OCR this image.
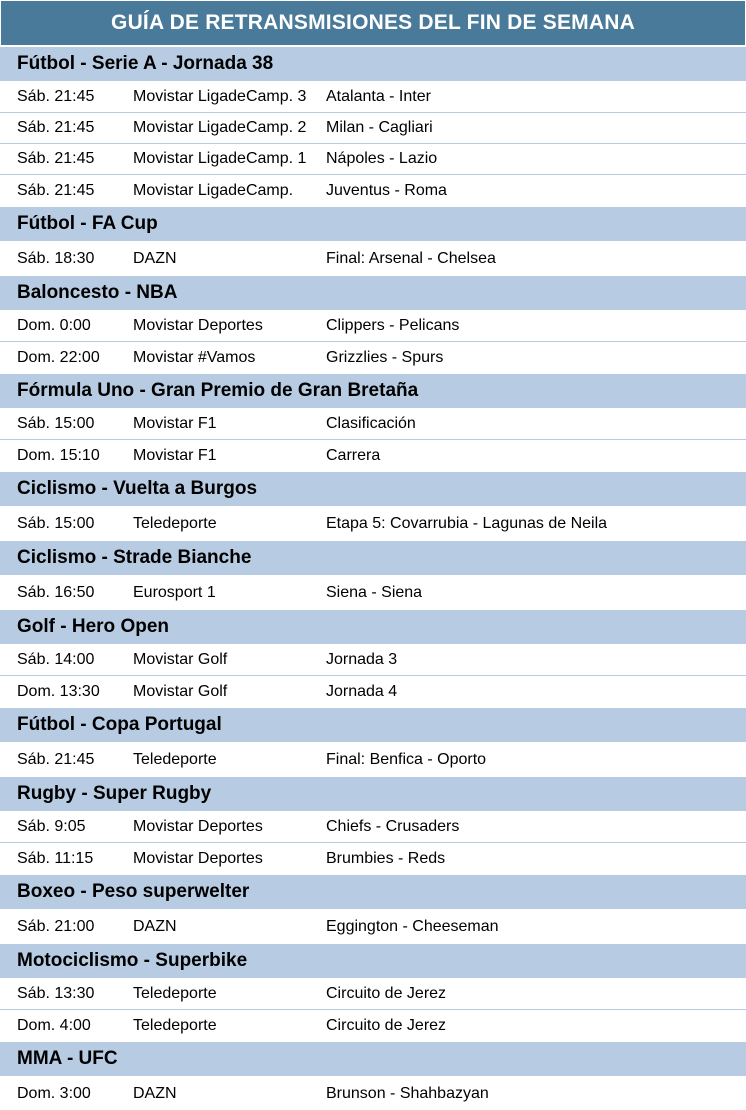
GUÍA DE RETRANSMISIONES DEL FIN DE SEMANA
Fútbol - Serie A - Jornada 38
Sáb. 21:45	Movistar LigadeCamp. 3	Atalanta - Inter
Sáb. 21:45	Movistar LigadeCamp. 2	Milan - Cagliari
Sáb. 21:45	Movistar LigadeCamp. 1	Nápoles - Lazio
Sáb. 21:45	Movistar LigadeCamp.	Juventus - Roma
Fútbol - FA Cup
Sáb. 18:30	DAZN	Final: Arsenal - Chelsea
Baloncesto - NBA
Dom. 0:00	Movistar Deportes	Clippers - Pelicans
Dom. 22:00	Movistar #Vamos	Grizzlies - Spurs
Fórmula Uno - Gran Premio de Gran Bretaña
Sáb. 15:00	Movistar F1	Clasificación
Dom. 15:10	Movistar F1	Carrera
Ciclismo - Vuelta a Burgos
Sáb. 15:00	Teledeporte	Etapa 5: Covarrubia - Lagunas de Neila
Ciclismo - Strade Bianche
Sáb. 16:50	Eurosport 1	Siena - Siena
Golf - Hero Open
Sáb. 14:00	Movistar Golf	Jornada 3
Dom. 13:30	Movistar Golf	Jornada 4
Fútbol - Copa Portugal
Sáb. 21:45	Teledeporte	Final: Benfica - Oporto
Rugby - Super Rugby
Sáb. 9:05	Movistar Deportes	Chiefs - Crusaders
Sáb. 11:15	Movistar Deportes	Brumbies - Reds
Boxeo - Peso superwelter
Sáb. 21:00	DAZN	Eggington - Cheeseman
Motociclismo - Superbike
Sáb. 13:30	Teledeporte	Circuito de Jerez
Dom. 4:00	Teledeporte	Circuito de Jerez
MMA - UFC
Dom. 3:00	DAZN	Brunson - Shahbazyan
